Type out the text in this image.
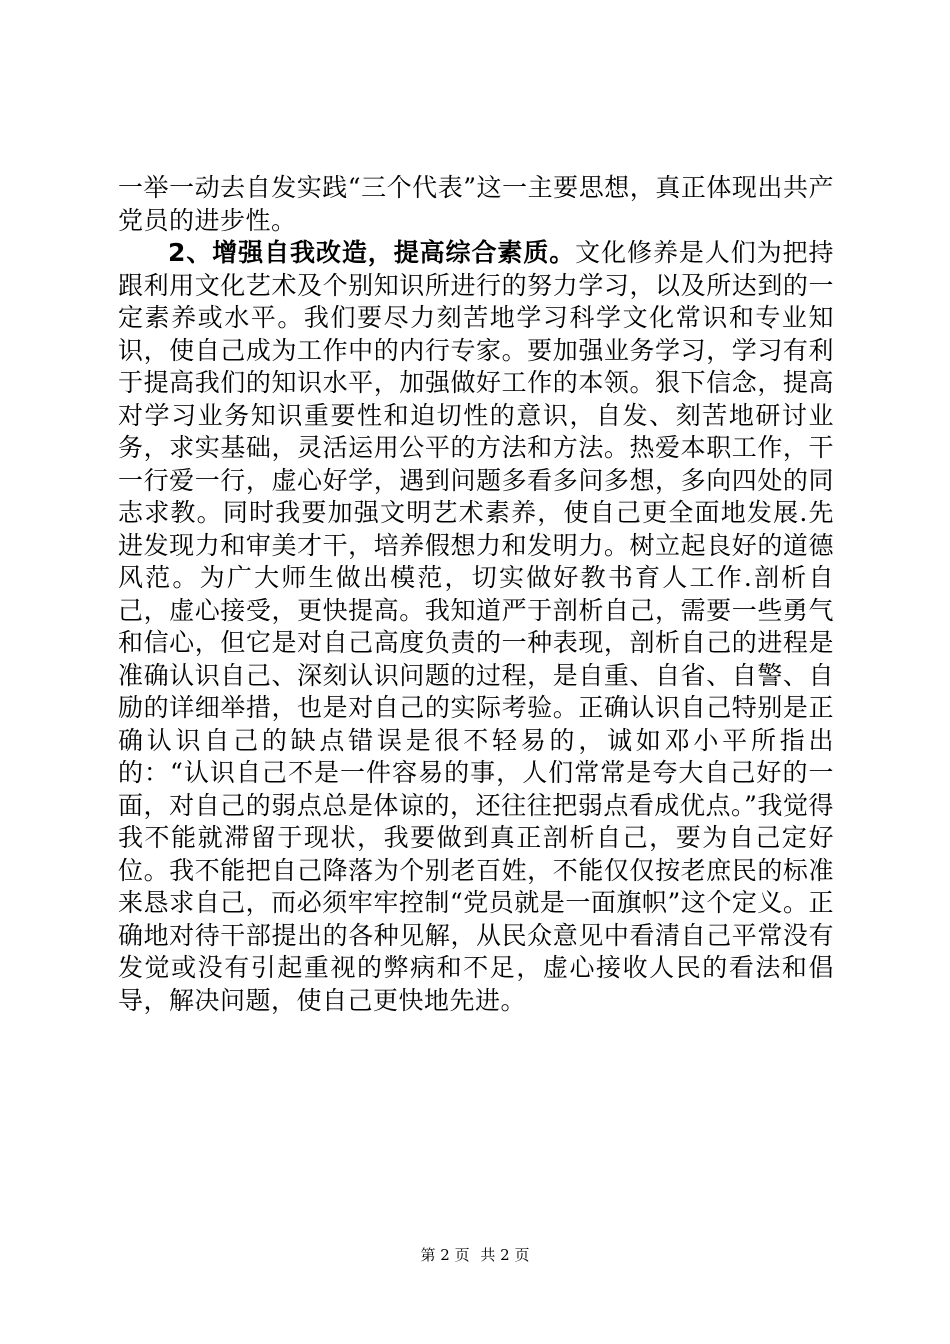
一举一动去自发实践“三个代表”这一主要思想，真正体现出共产党员的进步性。

2、增强自我改造，提高综合素质。文化修养是人们为把持跟利用文化艺术及个别知识所进行的努力学习，以及所达到的一定素养或水平。我们要尽力刻苦地学习科学文化常识和专业知识，使自己成为工作中的内行专家。要加强业务学习，学习有利于提高我们的知识水平，加强做好工作的本领。狠下信念，提高对学习业务知识重要性和迫切性的意识，自发、刻苦地研讨业务，求实基础，灵活运用公平的方法和方法。热爱本职工作，干一行爱一行，虚心好学，遇到问题多看多问多想，多向四处的同志求教。同时我要加强文明艺术素养，使自己更全面地发展.先进发现力和审美才干，培养假想力和发明力。树立起良好的道德风范。为广大师生做出模范，切实做好教书育人工作.剖析自己，虚心接受，更快提高。我知道严于剖析自己，需要一些勇气和信心，但它是对自己高度负责的一种表现，剖析自己的进程是准确认识自己、深刻认识问题的过程，是自重、自省、自警、自励的详细举措，也是对自己的实际考验。正确认识自己特别是正确认识自己的缺点错误是很不轻易的，诚如邓小平所指出的：“认识自己不是一件容易的事，人们常常是夸大自己好的一面，对自己的弱点总是体谅的，还往往把弱点看成优点。”我觉得我不能就滞留于现状，我要做到真正剖析自己，要为自己定好位。我不能把自己降落为个别老百姓，不能仅仅按老庶民的标准来恳求自己，而必须牢牢控制“党员就是一面旗帜”这个定义。正确地对待干部提出的各种见解，从民众意见中看清自己平常没有发觉或没有引起重视的弊病和不足，虚心接收人民的看法和倡导，解决问题，使自己更快地先进。

第 2 页 共 2 页
